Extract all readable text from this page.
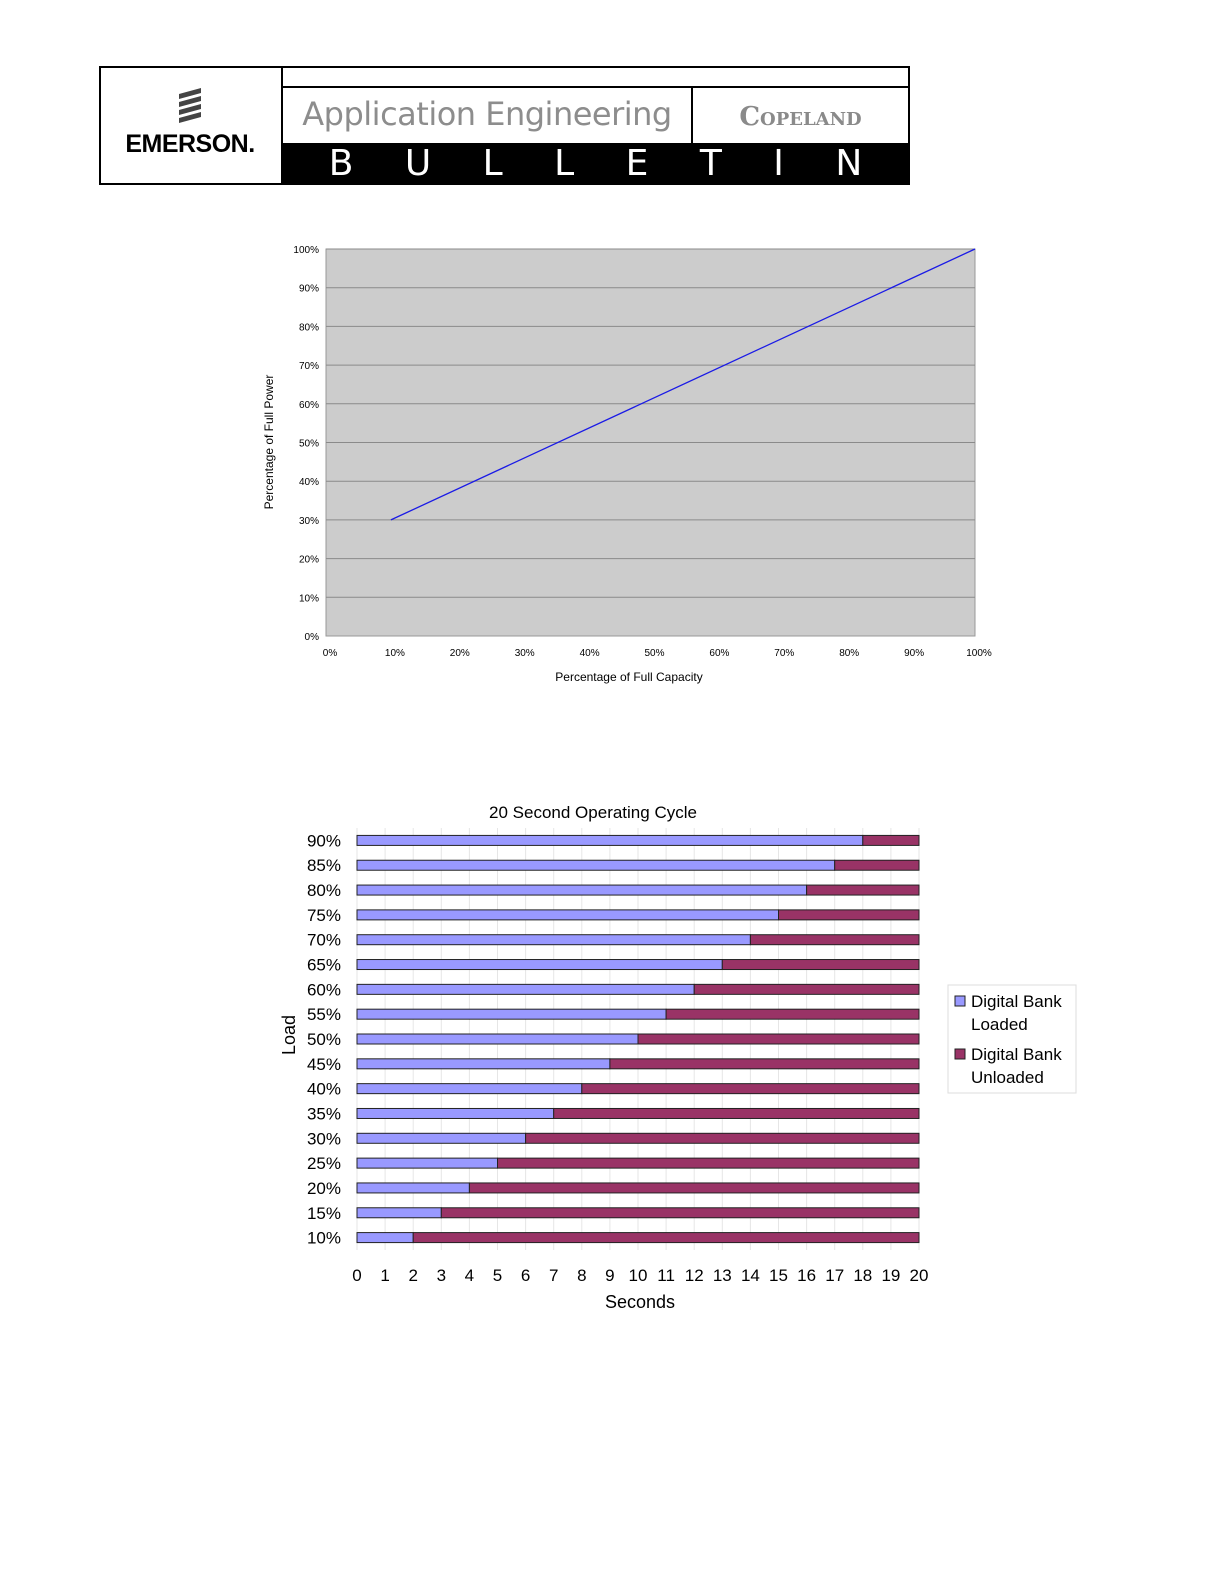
EMERSON.
Application Engineering	Copeland
B U L L E T I N
0%
10%
20%
30%
40%
50%
60%
70%
80%
90%
100%
0%	10%	20%	30%	40%	50%	60%	70%	80%	90%	100%
Percentage of Full Capacity
Percentage of Full Power
20 Second Operating Cycle
90%
85%
80%
75%
70%
65%
60%
55%
50%
45%
40%
35%
30%
25%
20%
15%
10%
0 1 2 3 4 5 6 7 8 9 10 11 12 13 14 15 16 17 18 19 20
Seconds
Load
Digital Bank
Loaded
Digital Bank
Unloaded
